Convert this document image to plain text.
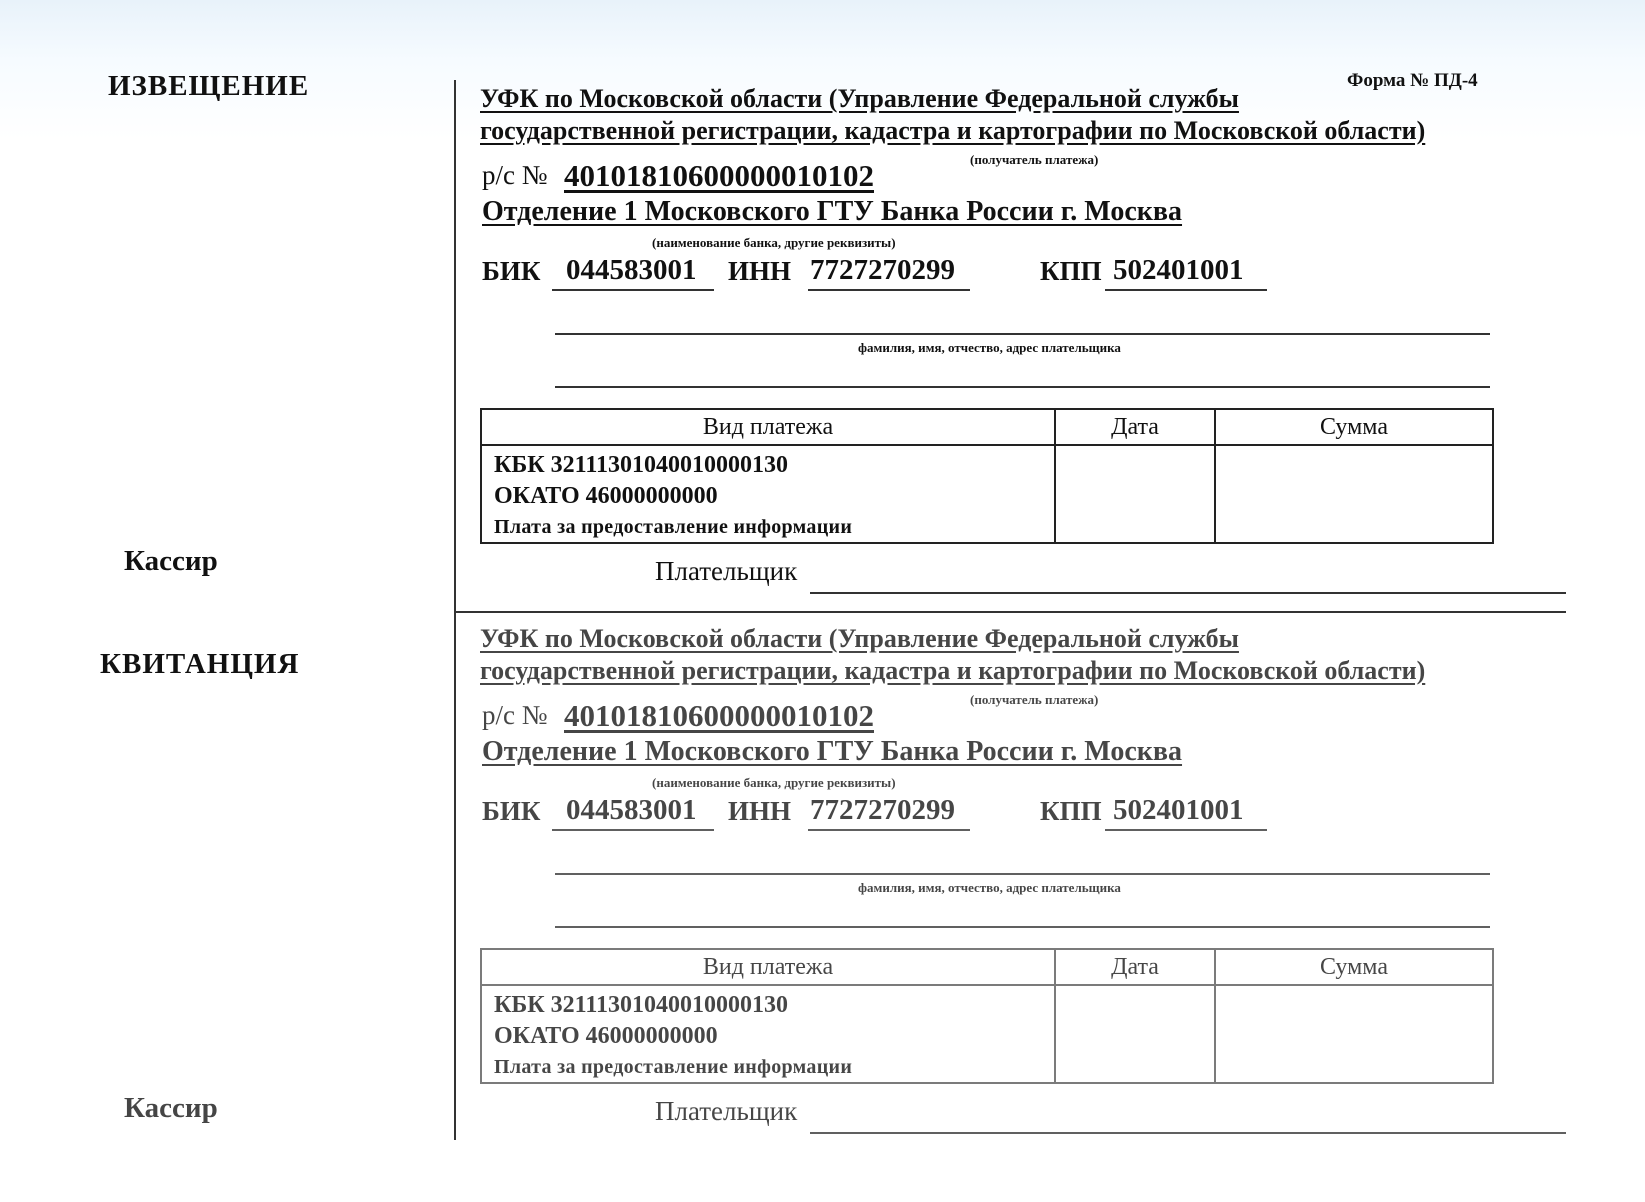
ИЗВЕЩЕНИЕ
Кассир
КВИТАНЦИЯ
Кассир
Форма № ПД-4
УФК по Московской области (Управление Федеральной службы
государственной регистрации, кадастра и картографии по Московской области)
(получатель платежа)
р/с № 40101810600000010102
Отделение 1 Московского ГТУ Банка России г. Москва
(наименование банка, другие реквизиты)
БИК 044583001 ИНН 7727270299	КПП 502401001
фамилия, имя, отчество, адрес плательщика
Вид платежа	Дата	Сумма

КБК 32111301040010000130
ОКАТО 46000000000
Плата за предоставление информации		

Плательщик
УФК по Московской области (Управление Федеральной службы
государственной регистрации, кадастра и картографии по Московской области)
(получатель платежа)
р/с № 40101810600000010102
Отделение 1 Московского ГТУ Банка России г. Москва
(наименование банка, другие реквизиты)
БИК 044583001 ИНН 7727270299	КПП 502401001
фамилия, имя, отчество, адрес плательщика
Вид платежа	Дата	Сумма

КБК 32111301040010000130
ОКАТО 46000000000
Плата за предоставление информации		

Плательщик
